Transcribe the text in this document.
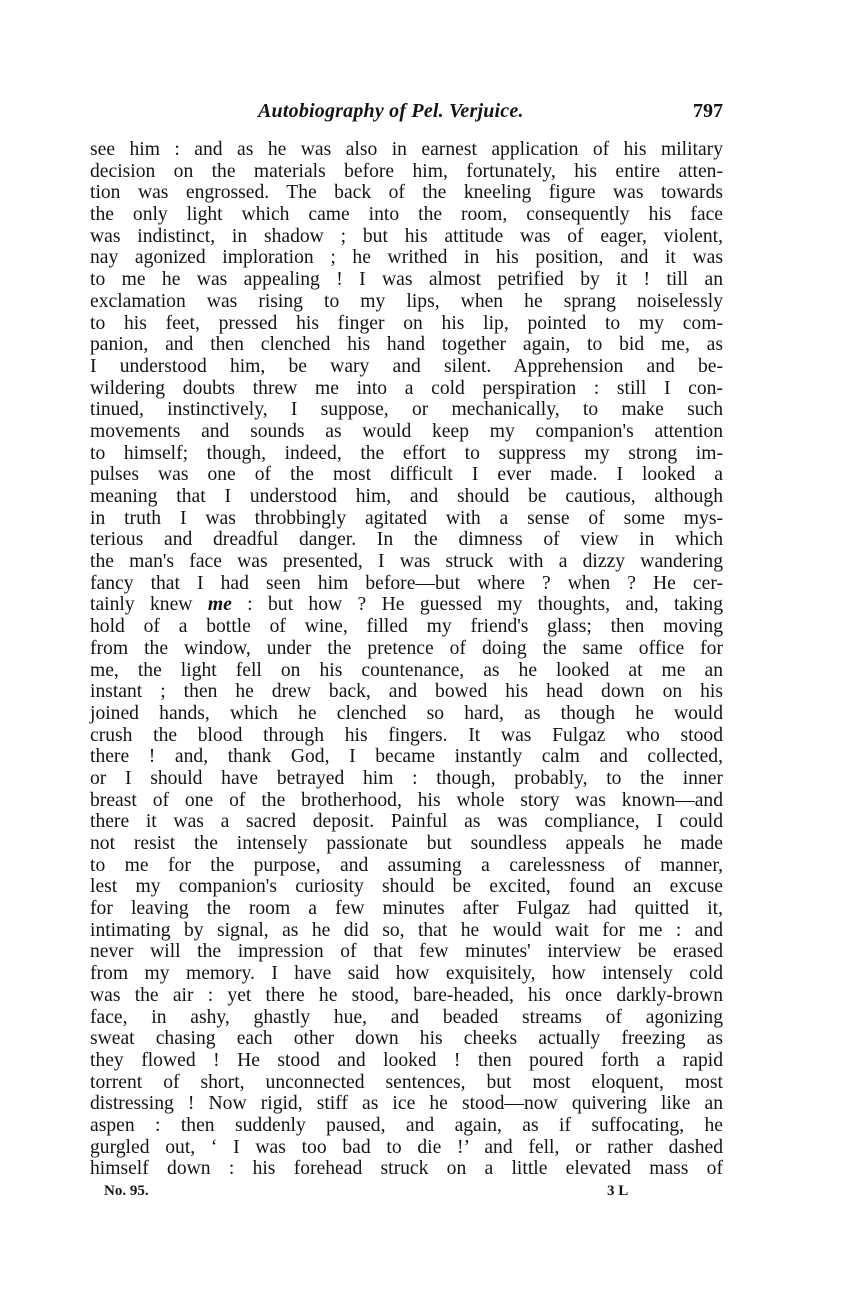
Autobiography of Pel. Verjuice.	797
see him : and as he was also in earnest application of his military
decision on the materials before him, fortunately, his entire atten-
tion was engrossed. The back of the kneeling figure was towards
the only light which came into the room, consequently his face
was indistinct, in shadow ; but his attitude was of eager, violent,
nay agonized imploration ; he writhed in his position, and it was
to me he was appealing ! I was almost petrified by it ! till an
exclamation was rising to my lips, when he sprang noiselessly
to his feet, pressed his finger on his lip, pointed to my com-
panion, and then clenched his hand together again, to bid me, as
I understood him, be wary and silent. Apprehension and be-
wildering doubts threw me into a cold perspiration : still I con-
tinued, instinctively, I suppose, or mechanically, to make such
movements and sounds as would keep my companion's attention
to himself; though, indeed, the effort to suppress my strong im-
pulses was one of the most difficult I ever made. I looked a
meaning that I understood him, and should be cautious, although
in truth I was throbbingly agitated with a sense of some mys-
terious and dreadful danger. In the dimness of view in which
the man's face was presented, I was struck with a dizzy wandering
fancy that I had seen him before—but where ? when ? He cer-
tainly knew me : but how ? He guessed my thoughts, and, taking
hold of a bottle of wine, filled my friend's glass; then moving
from the window, under the pretence of doing the same office for
me, the light fell on his countenance, as he looked at me an
instant ; then he drew back, and bowed his head down on his
joined hands, which he clenched so hard, as though he would
crush the blood through his fingers. It was Fulgaz who stood
there ! and, thank God, I became instantly calm and collected,
or I should have betrayed him : though, probably, to the inner
breast of one of the brotherhood, his whole story was known—and
there it was a sacred deposit. Painful as was compliance, I could
not resist the intensely passionate but soundless appeals he made
to me for the purpose, and assuming a carelessness of manner,
lest my companion's curiosity should be excited, found an excuse
for leaving the room a few minutes after Fulgaz had quitted it,
intimating by signal, as he did so, that he would wait for me : and
never will the impression of that few minutes' interview be erased
from my memory. I have said how exquisitely, how intensely cold
was the air : yet there he stood, bare-headed, his once darkly-brown
face, in ashy, ghastly hue, and beaded streams of agonizing
sweat chasing each other down his cheeks actually freezing as
they flowed ! He stood and looked ! then poured forth a rapid
torrent of short, unconnected sentences, but most eloquent, most
distressing ! Now rigid, stiff as ice he stood—now quivering like an
aspen : then suddenly paused, and again, as if suffocating, he
gurgled out, ‘ I was too bad to die !’ and fell, or rather dashed
himself down : his forehead struck on a little elevated mass of
No. 95.	3 L
